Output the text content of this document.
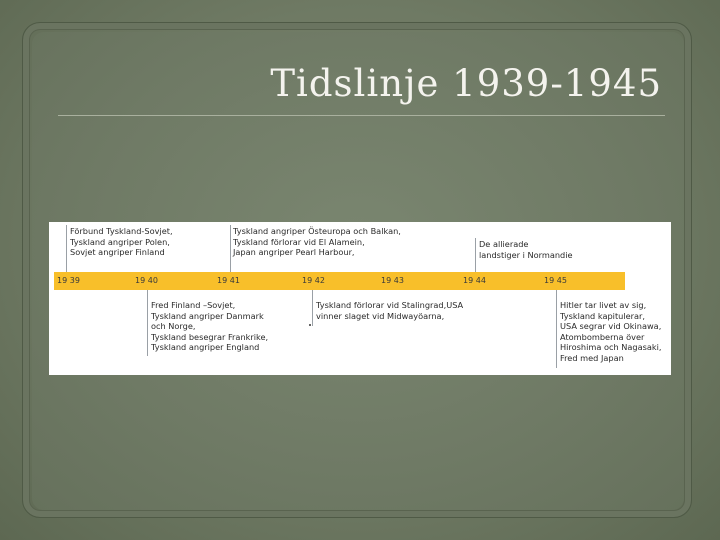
Tidslinje 1939-1945
19 39	19 40	19 41	19 42	19 43	19 44	19 45
Förbund Tyskland-Sovjet,
Tyskland angriper Polen,
Sovjet angriper Finland
Tyskland angriper Östeuropa och Balkan,
Tyskland förlorar vid El Alamein,
Japan angriper Pearl Harbour,
De allierade
landstiger i Normandie
Fred Finland –Sovjet,
Tyskland angriper Danmark
och Norge,
Tyskland besegrar Frankrike,
Tyskland angriper England
Tyskland förlorar vid Stalingrad,USA
vinner slaget vid Midwayöarna,
Hitler tar livet av sig,
Tyskland kapitulerar,
USA segrar vid Okinawa,
Atombomberna över
Hiroshima och Nagasaki,
Fred med Japan
